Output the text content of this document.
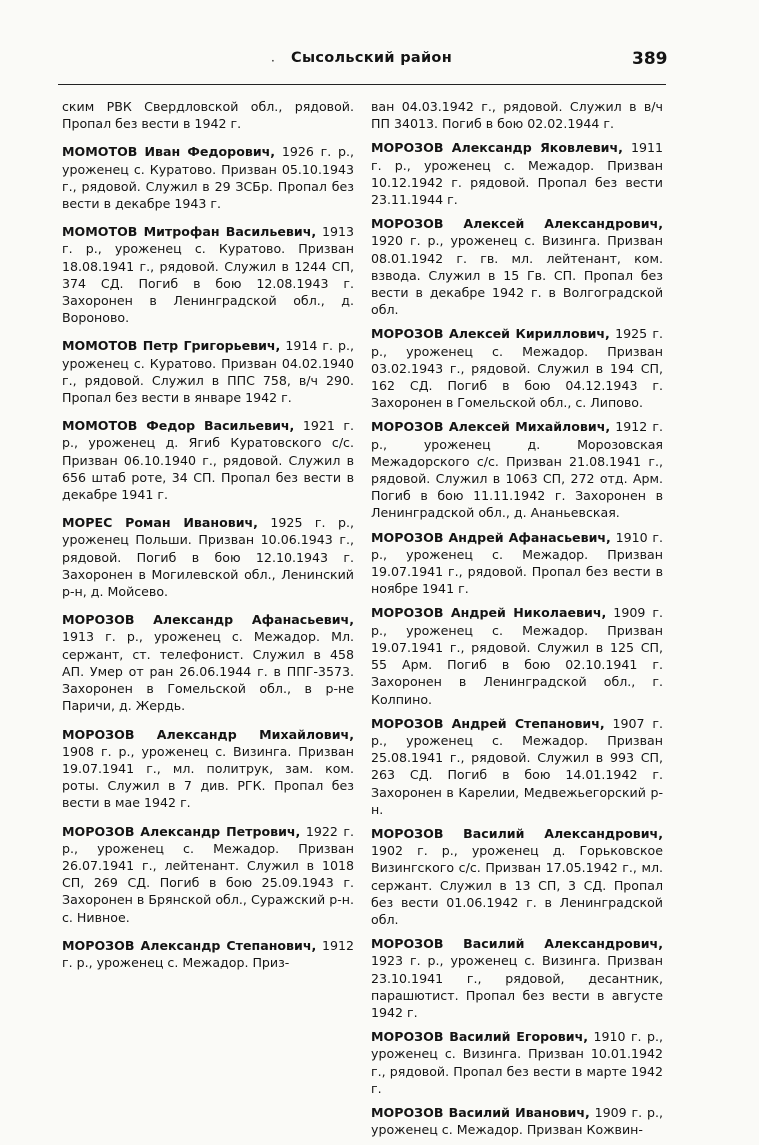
· Сысольский район	389

ским РВК Свердловской обл., рядовой. Пропал без вести в 1942 г.

МОМОТОВ Иван Федорович, 1926 г. р., уроженец с. Куратово. Призван 05.10.1943 г., рядовой. Служил в 29 ЗСБр. Пропал без вести в декабре 1943 г.

МОМОТОВ Митрофан Васильевич, 1913 г. р., уроженец с. Куратово. Призван 18.08.1941 г., рядовой. Служил в 1244 СП, 374 СД. Погиб в бою 12.08.1943 г. Захоронен в Ленинградской обл., д. Вороново.

МОМОТОВ Петр Григорьевич, 1914 г. р., уроженец с. Куратово. Призван 04.02.1940 г., рядовой. Служил в ППС 758, в/ч 290. Пропал без вести в январе 1942 г.

МОМОТОВ Федор Васильевич, 1921 г. р., уроженец д. Ягиб Куратовского с/с. Призван 06.10.1940 г., рядовой. Служил в 656 штаб роте, 34 СП. Пропал без вести в декабре 1941 г.

МОРЕС Роман Иванович, 1925 г. р., уроженец Польши. Призван 10.06.1943 г., рядовой. Погиб в бою 12.10.1943 г. Захоронен в Могилевской обл., Ленинский р-н, д. Мойсево.

МОРОЗОВ Александр Афанасьевич, 1913 г. р., уроженец с. Межадор. Мл. сержант, ст. телефонист. Служил в 458 АП. Умер от ран 26.06.1944 г. в ППГ-3573. Захоронен в Гомельской обл., в р-не Паричи, д. Жердь.

МОРОЗОВ Александр Михайлович, 1908 г. р., уроженец с. Визинга. Призван 19.07.1941 г., мл. политрук, зам. ком. роты. Служил в 7 див. РГК. Пропал без вести в мае 1942 г.

МОРОЗОВ Александр Петрович, 1922 г. р., уроженец с. Межадор. Призван 26.07.1941 г., лейтенант. Служил в 1018 СП, 269 СД. Погиб в бою 25.09.1943 г. Захоронен в Брянской обл., Суражский р-н. с. Нивное.

МОРОЗОВ Александр Степанович, 1912 г. р., уроженец с. Межадор. Приз-

ван 04.03.1942 г., рядовой. Служил в в/ч ПП 34013. Погиб в бою 02.02.1944 г.

МОРОЗОВ Александр Яковлевич, 1911 г. р., уроженец с. Межадор. Призван 10.12.1942 г. рядовой. Пропал без вести 23.11.1944 г.

МОРОЗОВ Алексей Александрович, 1920 г. р., уроженец с. Визинга. Призван 08.01.1942 г. гв. мл. лейтенант, ком. взвода. Служил в 15 Гв. СП. Пропал без вести в декабре 1942 г. в Волгоградской обл.

МОРОЗОВ Алексей Кириллович, 1925 г. р., уроженец с. Межадор. Призван 03.02.1943 г., рядовой. Служил в 194 СП, 162 СД. Погиб в бою 04.12.1943 г. Захоронен в Гомельской обл., с. Липово.

МОРОЗОВ Алексей Михайлович, 1912 г. р., уроженец д. Морозовская Межадорского с/с. Призван 21.08.1941 г., рядовой. Служил в 1063 СП, 272 отд. Арм. Погиб в бою 11.11.1942 г. Захоронен в Ленинградской обл., д. Ананьевская.

МОРОЗОВ Андрей Афанасьевич, 1910 г. р., уроженец с. Межадор. Призван 19.07.1941 г., рядовой. Пропал без вести в ноябре 1941 г.

МОРОЗОВ Андрей Николаевич, 1909 г. р., уроженец с. Межадор. Призван 19.07.1941 г., рядовой. Служил в 125 СП, 55 Арм. Погиб в бою 02.10.1941 г. Захоронен в Ленинградской обл., г. Колпино.

МОРОЗОВ Андрей Степанович, 1907 г. р., уроженец с. Межадор. Призван 25.08.1941 г., рядовой. Служил в 993 СП, 263 СД. Погиб в бою 14.01.1942 г. Захоронен в Карелии, Медвежьегорский р-н.

МОРОЗОВ Василий Александрович, 1902 г. р., уроженец д. Горьковское Визингского с/с. Призван 17.05.1942 г., мл. сержант. Служил в 13 СП, 3 СД. Пропал без вести 01.06.1942 г. в Ленинградской обл.

МОРОЗОВ Василий Александрович, 1923 г. р., уроженец с. Визинга. Призван 23.10.1941 г., рядовой, десантник, парашютист. Пропал без вести в августе 1942 г.

МОРОЗОВ Василий Егорович, 1910 г. р., уроженец с. Визинга. Призван 10.01.1942 г., рядовой. Пропал без вести в марте 1942 г.

МОРОЗОВ Василий Иванович, 1909 г. р., уроженец с. Межадор. Призван Кожвин-
